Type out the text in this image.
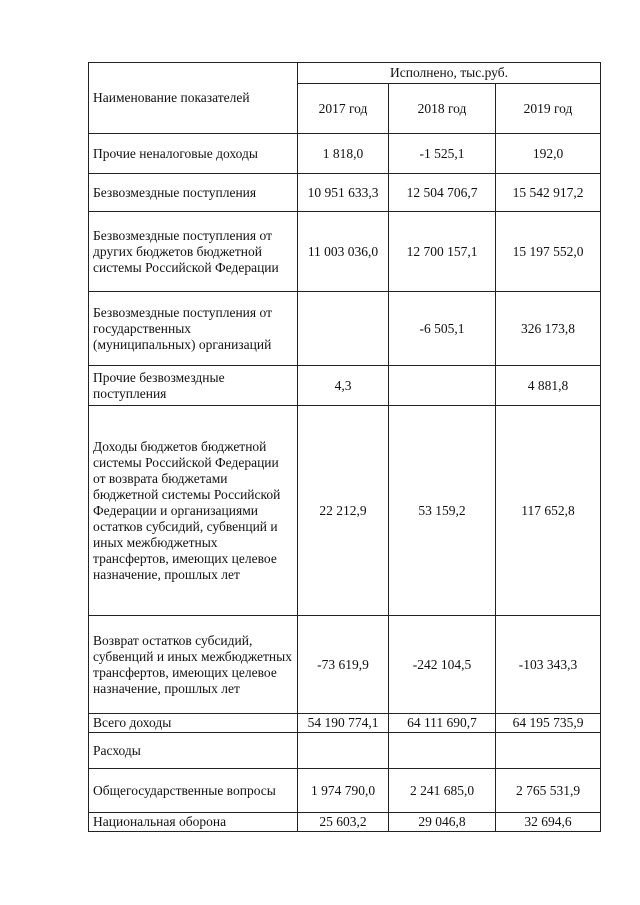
Наименование показателей	Исполнено, тыс.руб.		
	2017 год	2018 год	2019 год
Прочие неналоговые доходы	1 818,0	-1 525,1	192,0
Безвозмездные поступления	10 951 633,3	12 504 706,7	15 542 917,2
Безвозмездные поступления от других бюджетов бюджетной системы Российской Федерации	11 003 036,0	12 700 157,1	15 197 552,0
Безвозмездные поступления от государственных (муниципальных) организаций		-6 505,1	326 173,8
Прочие безвозмездные поступления	4,3		4 881,8
Доходы бюджетов бюджетной системы Российской Федерации от возврата бюджетами бюджетной системы Российской Федерации и организациями остатков субсидий, субвенций и иных межбюджетных трансфертов, имеющих целевое назначение, прошлых лет	22 212,9	53 159,2	117 652,8
Возврат остатков субсидий, субвенций и иных межбюджетных трансфертов, имеющих целевое назначение, прошлых лет	-73 619,9	-242 104,5	-103 343,3
Всего доходы	54 190 774,1	64 111 690,7	64 195 735,9
Расходы			
Общегосударственные вопросы	1 974 790,0	2 241 685,0	2 765 531,9
Национальная оборона	25 603,2	29 046,8	32 694,6
